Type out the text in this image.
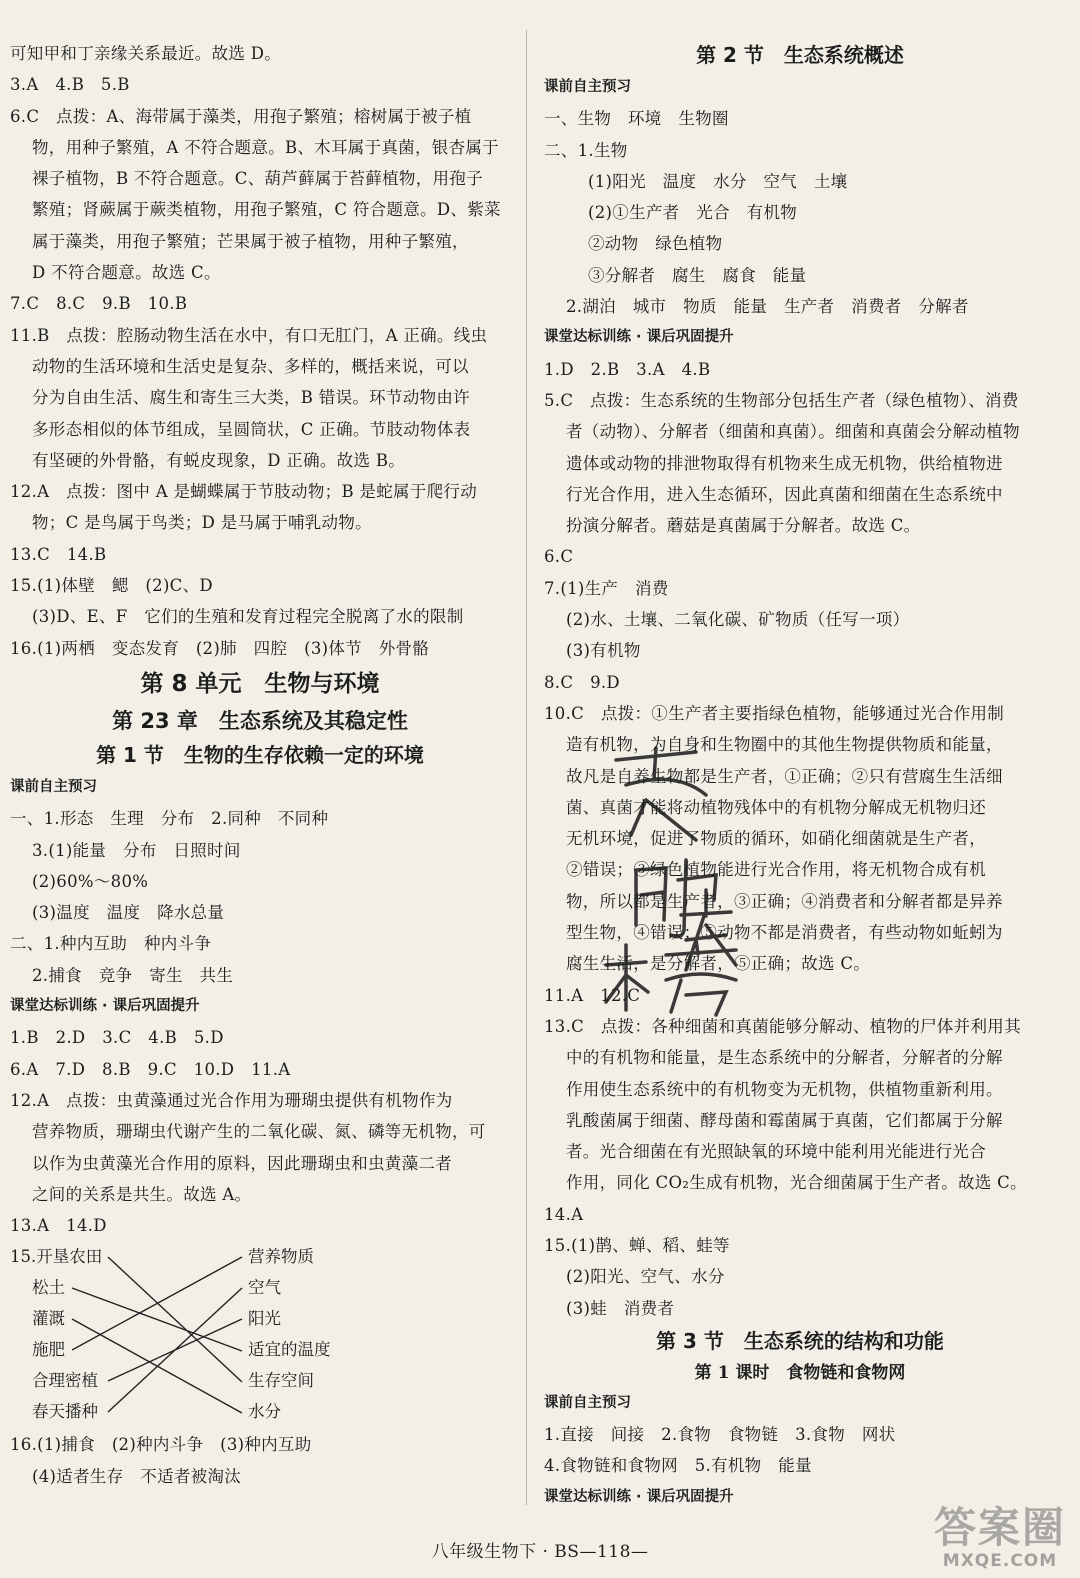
可知甲和丁亲缘关系最近。故选 D。
3.A　4.B　5.B
6.C　点拨：A、海带属于藻类，用孢子繁殖；榕树属于被子植
物，用种子繁殖，A 不符合题意。B、木耳属于真菌，银杏属于
裸子植物，B 不符合题意。C、葫芦藓属于苔藓植物，用孢子
繁殖；肾蕨属于蕨类植物，用孢子繁殖，C 符合题意。D、紫菜
属于藻类，用孢子繁殖；芒果属于被子植物，用种子繁殖，
D 不符合题意。故选 C。
7.C　8.C　9.B　10.B
11.B　点拨：腔肠动物生活在水中，有口无肛门，A 正确。线虫
动物的生活环境和生活史是复杂、多样的，概括来说，可以
分为自由生活、腐生和寄生三大类，B 错误。环节动物由许
多形态相似的体节组成，呈圆筒状，C 正确。节肢动物体表
有坚硬的外骨骼，有蜕皮现象，D 正确。故选 B。
12.A　点拨：图中 A 是蝴蝶属于节肢动物；B 是蛇属于爬行动
物；C 是鸟属于鸟类；D 是马属于哺乳动物。
13.C　14.B
15.(1)体壁　鳃　(2)C、D
(3)D、E、F　它们的生殖和发育过程完全脱离了水的限制
16.(1)两栖　变态发育　(2)肺　四腔　(3)体节　外骨骼
第 8 单元　生物与环境
第 23 章　生态系统及其稳定性
第 1 节　生物的生存依赖一定的环境
课前自主预习
一、1.形态　生理　分布　2.同种　不同种
3.(1)能量　分布　日照时间
(2)60%～80%
(3)温度　温度　降水总量
二、1.种内互助　种内斗争
2.捕食　竞争　寄生　共生
课堂达标训练 · 课后巩固提升
1.B　2.D　3.C　4.B　5.D
6.A　7.D　8.B　9.C　10.D　11.A
12.A　点拨：虫黄藻通过光合作用为珊瑚虫提供有机物作为
营养物质，珊瑚虫代谢产生的二氧化碳、氮、磷等无机物，可
以作为虫黄藻光合作用的原料，因此珊瑚虫和虫黄藻二者
之间的关系是共生。故选 A。
13.A　14.D
15.开垦农田
松土
灌溉
施肥
合理密植
春天播种
营养物质
空气
阳光
适宜的温度
生存空间
水分
16.(1)捕食　(2)种内斗争　(3)种内互助
(4)适者生存　不适者被淘汰
第 2 节　生态系统概述
课前自主预习
一、生物　环境　生物圈
二、1.生物
(1)阳光　温度　水分　空气　土壤
(2)①生产者　光合　有机物
②动物　绿色植物
③分解者　腐生　腐食　能量
2.湖泊　城市　物质　能量　生产者　消费者　分解者
课堂达标训练 · 课后巩固提升
1.D　2.B　3.A　4.B
5.C　点拨：生态系统的生物部分包括生产者（绿色植物）、消费
者（动物）、分解者（细菌和真菌）。细菌和真菌会分解动植物
遗体或动物的排泄物取得有机物来生成无机物，供给植物进
行光合作用，进入生态循环，因此真菌和细菌在生态系统中
扮演分解者。蘑菇是真菌属于分解者。故选 C。
6.C
7.(1)生产　消费
(2)水、土壤、二氧化碳、矿物质（任写一项）
(3)有机物
8.C　9.D
10.C　点拨：①生产者主要指绿色植物，能够通过光合作用制
造有机物，为自身和生物圈中的其他生物提供物质和能量，
故凡是自养生物都是生产者，①正确；②只有营腐生生活细
菌、真菌才能将动植物残体中的有机物分解成无机物归还
无机环境，促进了物质的循环，如硝化细菌就是生产者，
②错误；③绿色植物能进行光合作用，将无机物合成有机
物，所以都是生产者，③正确；④消费者和分解者都是异养
型生物，④错误；⑤动物不都是消费者，有些动物如蚯蚓为
腐生生活，是分解者，⑤正确；故选 C。
11.A　12.C
13.C　点拨：各种细菌和真菌能够分解动、植物的尸体并利用其
中的有机物和能量，是生态系统中的分解者，分解者的分解
作用使生态系统中的有机物变为无机物，供植物重新利用。
乳酸菌属于细菌、酵母菌和霉菌属于真菌，它们都属于分解
者。光合细菌在有光照缺氧的环境中能利用光能进行光合
作用，同化 CO₂生成有机物，光合细菌属于生产者。故选 C。
14.A
15.(1)鹊、蝉、稻、蛙等
(2)阳光、空气、水分
(3)蛙　消费者
第 3 节　生态系统的结构和功能
第 1 课时　食物链和食物网
课前自主预习
1.直接　间接　2.食物　食物链　3.食物　网状
4.食物链和食物网　5.有机物　能量
课堂达标训练 · 课后巩固提升
八年级生物下 · BS—118—	答案圈
MXQE.COM
